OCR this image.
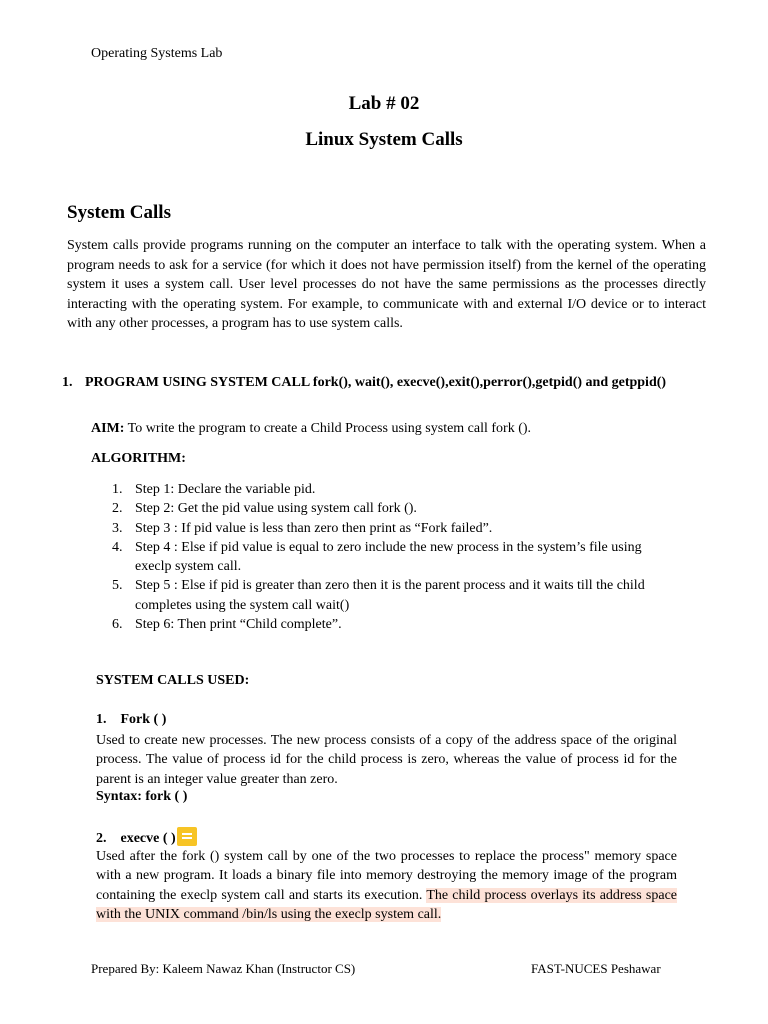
Operating Systems Lab
Lab # 02
Linux System Calls
System Calls
System calls provide programs running on the computer an interface to talk with the operating system. When a program needs to ask for a service (for which it does not have permission itself) from the kernel of the operating system it uses a system call. User level processes do not have the same permissions as the processes directly interacting with the operating system. For example, to communicate with and external I/O device or to interact with any other processes, a program has to use system calls.
1. PROGRAM USING SYSTEM CALL fork(), wait(), execve(),exit(),perror(),getpid() and getppid()
AIM: To write the program to create a Child Process using system call fork ().
ALGORITHM:
1. Step 1: Declare the variable pid.
2. Step 2: Get the pid value using system call fork ().
3. Step 3 : If pid value is less than zero then print as “Fork failed”.
4. Step 4 : Else if pid value is equal to zero include the new process in the system’s file using execlp system call.
5. Step 5 : Else if pid is greater than zero then it is the parent process and it waits till the child completes using the system call wait()
6. Step 6: Then print “Child complete”.
SYSTEM CALLS USED:
1.    Fork ( )
Used to create new processes. The new process consists of a copy of the address space of the original process. The value of process id for the child process is zero, whereas the value of process id for the parent is an integer value greater than zero.
Syntax: fork ( )
2.    execve ( )
Used after the fork () system call by one of the two processes to replace the process" memory space with a new program. It loads a binary file into memory destroying the memory image of the program containing the execlp system call and starts its execution. The child process overlays its address space with the UNIX command /bin/ls using the execlp system call.
Prepared By: Kaleem Nawaz Khan (Instructor CS)	FAST-NUCES Peshawar
